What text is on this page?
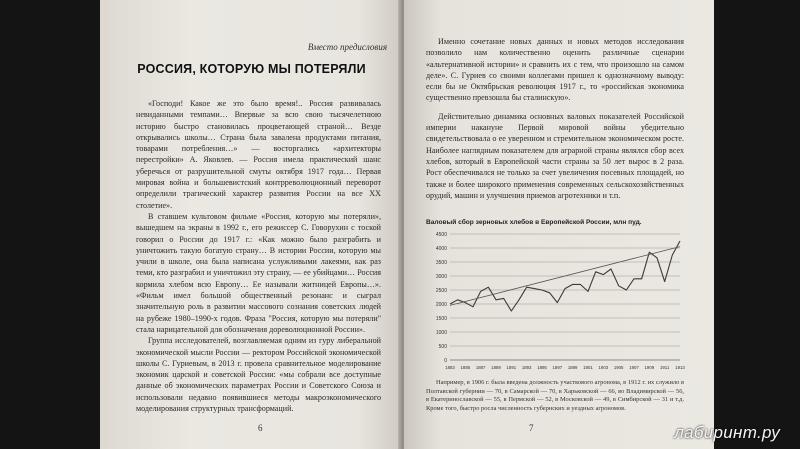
Вместо предисловия
РОССИЯ, КОТОРУЮ МЫ ПОТЕРЯЛИ

«Господи! Какое же это было время!.. Россия развивалась невиданными темпами… Впервые за всю свою тысячелетнюю историю быстро становилась процветающей страной… Везде открывались школы… Страна была завалена продуктами питания, товарами потребления…» — восторгались «архитекторы перестройки» А. Яковлев. — Россия имела практический шанс уберечься от разрушительной смуты октября 1917 года… Первая мировая война и большевистский контрреволюционный переворот определили трагический характер развития России на все XX столетие».

В ставшем культовом фильме «Россия, которую мы потеряли», вышедшем на экраны в 1992 г., его режиссер С. Говорухин с тоской говорил о России до 1917 г.: «Как можно было разграбить и уничтожить такую богатую страну… В истории России, которую мы учили в школе, она была написана услужливыми лакеями, как раз теми, кто разграбил и уничтожил эту страну, — ее убийцами… Россия кормила хлебом всю Европу… Ее называли житницей Европы…». «Фильм имел большой общественный резонанс и сыграл значительную роль в развитии массового сознания советских людей на рубеже 1980–1990-х годов. Фраза "Россия, которую мы потеряли" стала нарицательной для обозначения дореволюционной России».

Группа исследователей, возглавляемая одним из гуру либеральной экономической мысли России — ректором Российской экономической школы С. Гуриевым, в 2013 г. провела сравнительное моделирование экономик царской и советской России: «мы собрали все доступные данные об экономических параметрах России и Советского Союза и использовали недавно появившиеся методы макроэкономического моделирования структурных трансформаций.

6

Именно сочетание новых данных и новых методов исследования позволило нам количественно оценить различные сценарии «альтернативной истории» и сравнить их с тем, что произошло на самом деле». С. Гуриев со своими коллегами пришел к однозначному выводу: если бы не Октябрьская революция 1917 г., то «российская экономика существенно превзошла бы сталинскую».

Действительно динамика основных валовых показателей Российской империи накануне Первой мировой войны убедительно свидетельствовала о ее уверенном и стремительном экономическом росте. Наиболее наглядным показателем для аграрной страны являлся сбор всех хлебов, который в Европейской части страны за 50 лет вырос в 2 раза. Рост обеспечивался не только за счет увеличения посевных площадей, но также и более широкого применения современных сельскохозяйственных орудий, машин и улучшения приемов агротехники и т.п.

Валовый сбор зерновых хлебов в Европейской России, млн пуд.
0
500
1000
1500
2000
2500
3000
3500
4000
4500
1883 1885 1887 1889 1891 1893 1895 1897 1899 1901 1903 1905 1907 1909 1911 1913

Например, в 1906 г. была введена должность участкового агронома, в 1912 г. их служило в Полтавской губернии — 70, в Самарской — 70, в Харьковской — 66, во Владимирской — 56, в Екатеринославской — 55, в Пермской — 52, в Московской — 49, в Симбирской — 31 и т.д. Кроме того, быстро росла численность губернских и уездных агрономов.

7	лабиринт.ру
